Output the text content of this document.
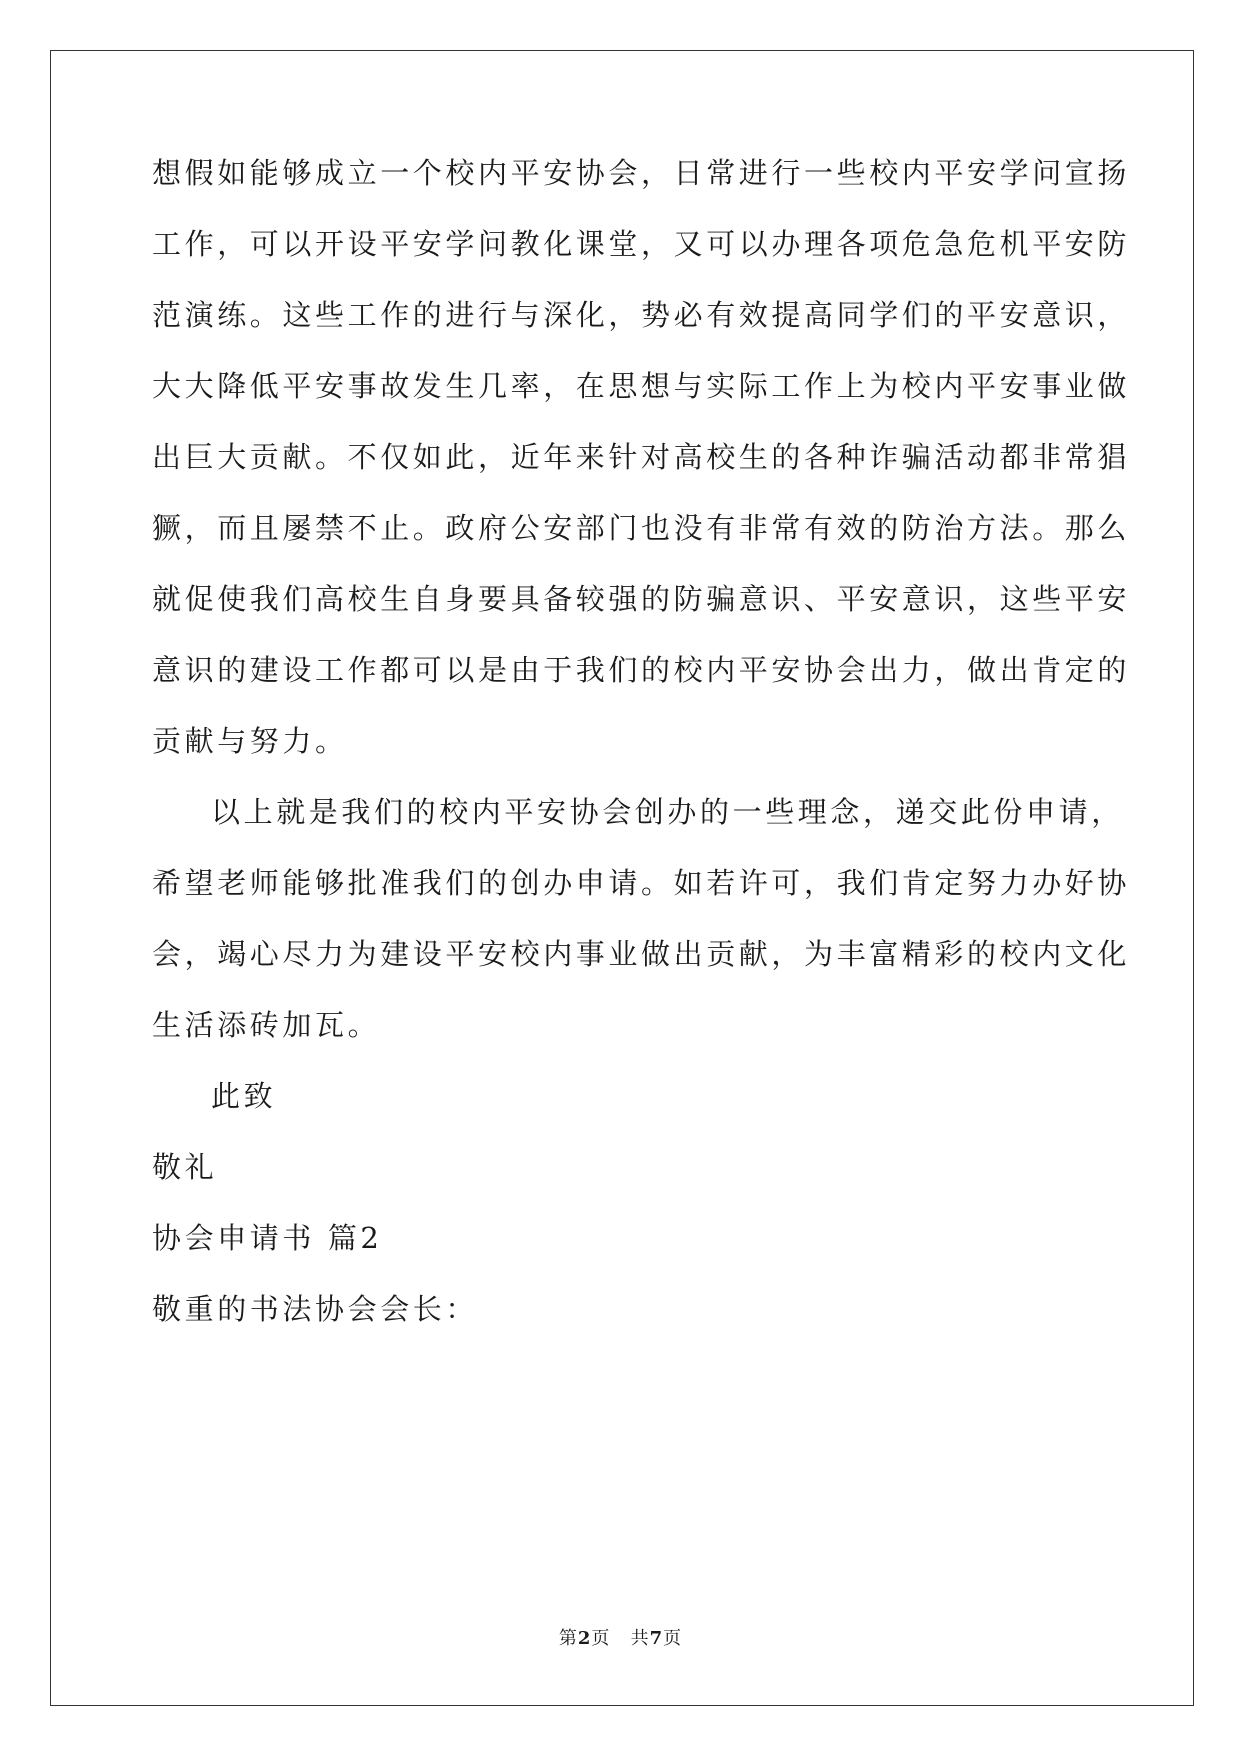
想假如能够成立一个校内平安协会，日常进行一些校内平安学问宣扬
工作，可以开设平安学问教化课堂，又可以办理各项危急危机平安防
范演练。这些工作的进行与深化，势必有效提高同学们的平安意识，
大大降低平安事故发生几率，在思想与实际工作上为校内平安事业做
出巨大贡献。不仅如此，近年来针对高校生的各种诈骗活动都非常猖
獗，而且屡禁不止。政府公安部门也没有非常有效的防治方法。那么
就促使我们高校生自身要具备较强的防骗意识、平安意识，这些平安
意识的建设工作都可以是由于我们的校内平安协会出力，做出肯定的
贡献与努力。
以上就是我们的校内平安协会创办的一些理念，递交此份申请，
希望老师能够批准我们的创办申请。如若许可，我们肯定努力办好协
会，竭心尽力为建设平安校内事业做出贡献，为丰富精彩的校内文化
生活添砖加瓦。
此致
敬礼
协会申请书 篇2
敬重的书法协会会长：
第2页 共7页
